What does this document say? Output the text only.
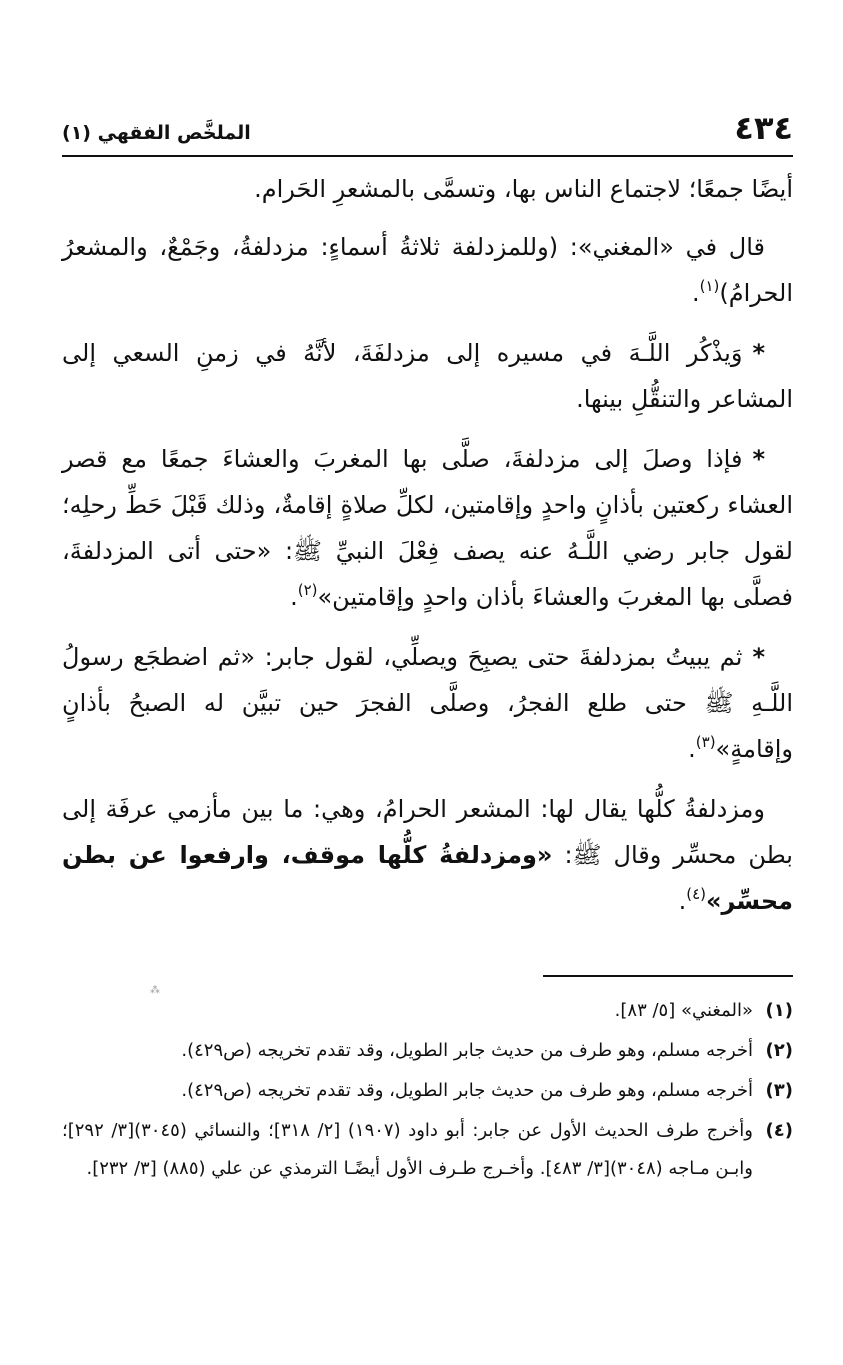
٤٣٤
الملخَّص الفقهي (١)

أيضًا جمعًا؛ لاجتماع الناس بها، وتسمَّى بالمشعرِ الحَرام.

قال في «المغني»: (وللمزدلفة ثلاثةُ أسماءٍ: مزدلفةُ، وجَمْعٌ، والمشعرُ الحرامُ)$^{(١)}$.

*وَيذْكُر اللَّـهَ في مسيره إلى مزدلفَةَ، لأنَّهُ في زمنِ السعي إلى المشاعر والتنقُّلِ بينها.

*فإذا وصلَ إلى مزدلفةَ، صلَّى بها المغربَ والعشاءَ جمعًا مع قصر العشاء ركعتين بأذانٍ واحدٍ وإقامتين، لكلِّ صلاةٍ إقامةٌ، وذلك قَبْلَ حَطِّ رحلِه؛ لقول جابر رضي اللَّـهُ عنه يصف فِعْلَ النبيِّ ﷺ: «حتى أتى المزدلفةَ، فصلَّى بها المغربَ والعشاءَ بأذان واحدٍ وإقامتين»$^{(٢)}$.

*ثم يبيتُ بمزدلفةَ حتى يصبِحَ ويصلِّي، لقول جابر: «ثم اضطجَع رسولُ اللَّـهِ ﷺ حتى طلع الفجرُ، وصلَّى الفجرَ حين تبيَّن له الصبحُ بأذانٍ وإقامةٍ»$^{(٣)}$.

ومزدلفةُ كلُّها يقال لها: المشعر الحرامُ، وهي: ما بين مأزمي عرفَة إلى بطن محسِّر وقال ﷺ: «ومزدلفةُ كلُّها موقف، وارفعوا عن بطن محسِّر»$^{(٤)}$.

⁂
(١)
«المغني» [٥/ ٨٣].
(٢)
أخرجه مسلم، وهو طرف من حديث جابر الطويل، وقد تقدم تخريجه (ص٤٢٩).
(٣)
أخرجه مسلم، وهو طرف من حديث جابر الطويل، وقد تقدم تخريجه (ص٤٢٩).
(٤)
وأخرج طرف الحديث الأول عن جابر: أبو داود (١٩٠٧) [٢/ ٣١٨]؛ والنسائي (٣٠٤٥)[٣/ ٢٩٢]؛ وابـن مـاجه (٣٠٤٨)[٣/ ٤٨٣]. وأخـرج طـرف الأول أيضًـا الترمذي عن علي (٨٨٥) [٣/ ٢٣٢].
